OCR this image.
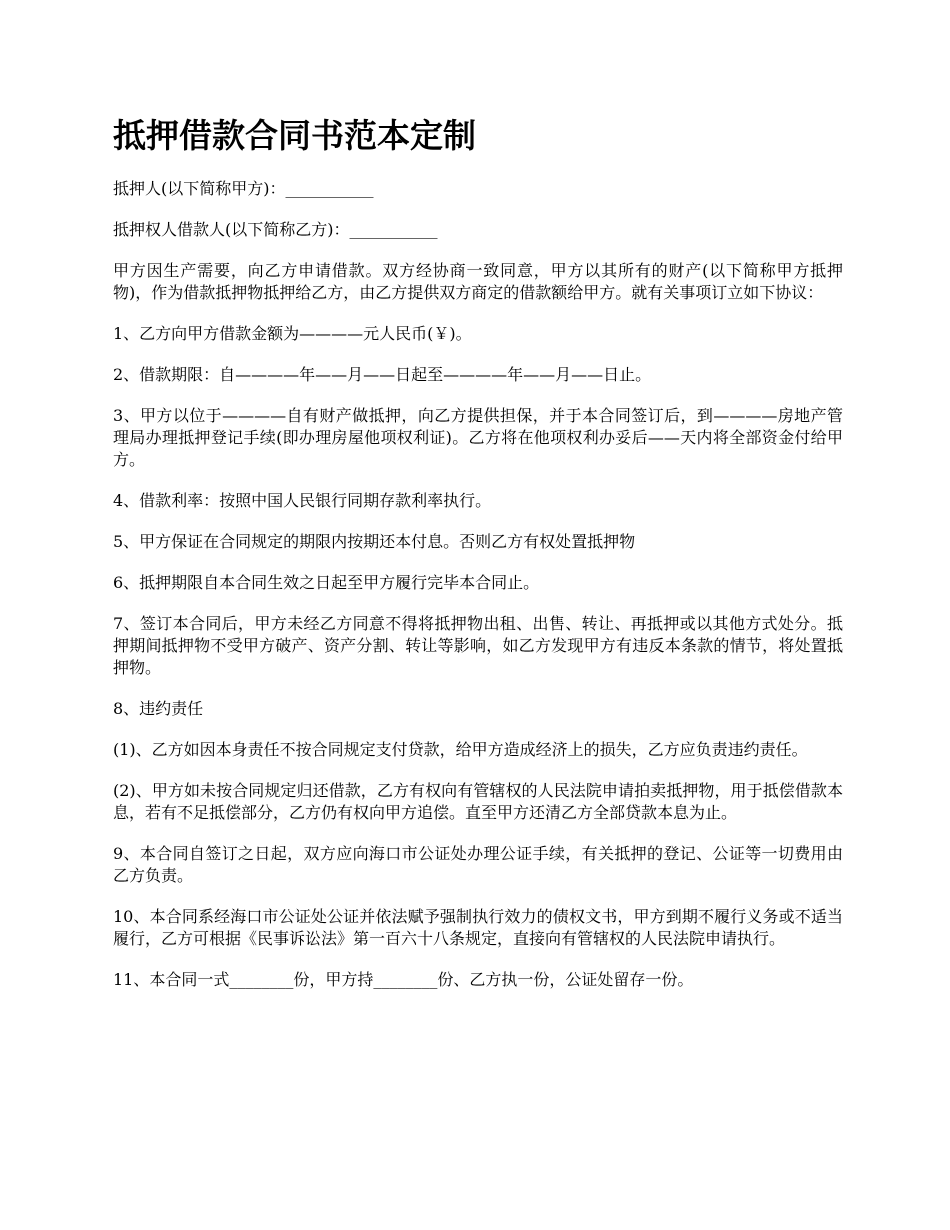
抵押借款合同书范本定制

抵押人(以下简称甲方)：___________

抵押权人借款人(以下简称乙方)：___________

甲方因生产需要，向乙方申请借款。双方经协商一致同意，甲方以其所有的财产(以下简称甲方抵押物)，作为借款抵押物抵押给乙方，由乙方提供双方商定的借款额给甲方。就有关事项订立如下协议：

1、乙方向甲方借款金额为————元人民币(￥)。

2、借款期限：自————年——月——日起至————年——月——日止。

3、甲方以位于————自有财产做抵押，向乙方提供担保，并于本合同签订后，到————房地产管理局办理抵押登记手续(即办理房屋他项权利证)。乙方将在他项权利办妥后——天内将全部资金付给甲方。

4、借款利率：按照中国人民银行同期存款利率执行。

5、甲方保证在合同规定的期限内按期还本付息。否则乙方有权处置抵押物

6、抵押期限自本合同生效之日起至甲方履行完毕本合同止。

7、签订本合同后，甲方未经乙方同意不得将抵押物出租、出售、转让、再抵押或以其他方式处分。抵押期间抵押物不受甲方破产、资产分割、转让等影响，如乙方发现甲方有违反本条款的情节，将处置抵押物。

8、违约责任

(1)、乙方如因本身责任不按合同规定支付贷款，给甲方造成经济上的损失，乙方应负责违约责任。

(2)、甲方如未按合同规定归还借款，乙方有权向有管辖权的人民法院申请拍卖抵押物，用于抵偿借款本息，若有不足抵偿部分，乙方仍有权向甲方追偿。直至甲方还清乙方全部贷款本息为止。

9、本合同自签订之日起，双方应向海口市公证处办理公证手续，有关抵押的登记、公证等一切费用由乙方负责。

10、本合同系经海口市公证处公证并依法赋予强制执行效力的债权文书，甲方到期不履行义务或不适当履行，乙方可根据《民事诉讼法》第一百六十八条规定，直接向有管辖权的人民法院申请执行。

11、本合同一式________份，甲方持________份、乙方执一份，公证处留存一份。
